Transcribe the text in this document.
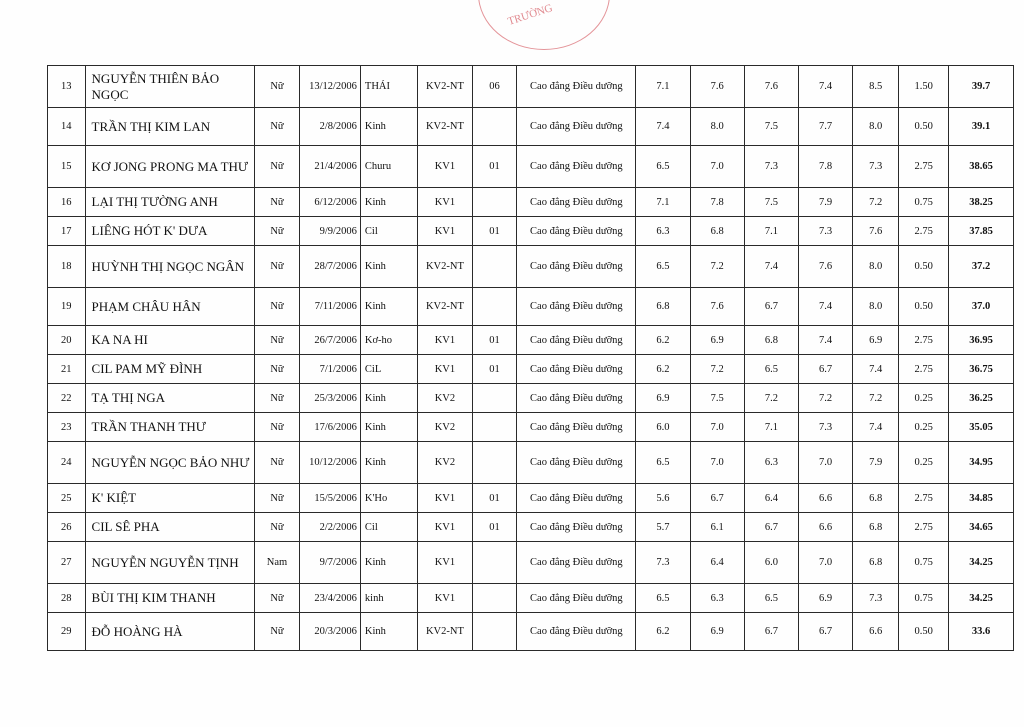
TRƯỜNG
13	NGUYỄN THIÊN BẢO NGỌC	Nữ	13/12/2006	THÁI	KV2-NT	06	Cao đẳng Điều dưỡng	7.1	7.6	7.6	7.4	8.5	1.50	39.7
14	TRẦN THỊ KIM LAN	Nữ	2/8/2006	Kinh	KV2-NT		Cao đẳng Điều dưỡng	7.4	8.0	7.5	7.7	8.0	0.50	39.1
15	KƠ JONG PRONG MA THƯ	Nữ	21/4/2006	Churu	KV1	01	Cao đẳng Điều dưỡng	6.5	7.0	7.3	7.8	7.3	2.75	38.65
16	LẠI THỊ TƯỜNG ANH	Nữ	6/12/2006	Kinh	KV1		Cao đẳng Điều dưỡng	7.1	7.8	7.5	7.9	7.2	0.75	38.25
17	LIÊNG HÓT K' DƯA	Nữ	9/9/2006	Cil	KV1	01	Cao đẳng Điều dưỡng	6.3	6.8	7.1	7.3	7.6	2.75	37.85
18	HUỲNH THỊ NGỌC NGÂN	Nữ	28/7/2006	Kinh	KV2-NT		Cao đẳng Điều dưỡng	6.5	7.2	7.4	7.6	8.0	0.50	37.2
19	PHẠM CHÂU HÂN	Nữ	7/11/2006	Kinh	KV2-NT		Cao đẳng Điều dưỡng	6.8	7.6	6.7	7.4	8.0	0.50	37.0
20	KA NA HI	Nữ	26/7/2006	Kơ-ho	KV1	01	Cao đẳng Điều dưỡng	6.2	6.9	6.8	7.4	6.9	2.75	36.95
21	CIL PAM MỸ ĐÌNH	Nữ	7/1/2006	CiL	KV1	01	Cao đẳng Điều dưỡng	6.2	7.2	6.5	6.7	7.4	2.75	36.75
22	TẠ THỊ NGA	Nữ	25/3/2006	Kinh	KV2		Cao đẳng Điều dưỡng	6.9	7.5	7.2	7.2	7.2	0.25	36.25
23	TRẦN THANH THƯ	Nữ	17/6/2006	Kinh	KV2		Cao đẳng Điều dưỡng	6.0	7.0	7.1	7.3	7.4	0.25	35.05
24	NGUYỄN NGỌC BẢO NHƯ	Nữ	10/12/2006	Kinh	KV2		Cao đẳng Điều dưỡng	6.5	7.0	6.3	7.0	7.9	0.25	34.95
25	K' KIỆT	Nữ	15/5/2006	K'Ho	KV1	01	Cao đẳng Điều dưỡng	5.6	6.7	6.4	6.6	6.8	2.75	34.85
26	CIL SÊ PHA	Nữ	2/2/2006	Cil	KV1	01	Cao đẳng Điều dưỡng	5.7	6.1	6.7	6.6	6.8	2.75	34.65
27	NGUYỄN NGUYỄN TỊNH	Nam	9/7/2006	Kinh	KV1		Cao đẳng Điều dưỡng	7.3	6.4	6.0	7.0	6.8	0.75	34.25
28	BÙI THỊ KIM THANH	Nữ	23/4/2006	kinh	KV1		Cao đẳng Điều dưỡng	6.5	6.3	6.5	6.9	7.3	0.75	34.25
29	ĐỖ HOÀNG HÀ	Nữ	20/3/2006	Kinh	KV2-NT		Cao đẳng Điều dưỡng	6.2	6.9	6.7	6.7	6.6	0.50	33.6
